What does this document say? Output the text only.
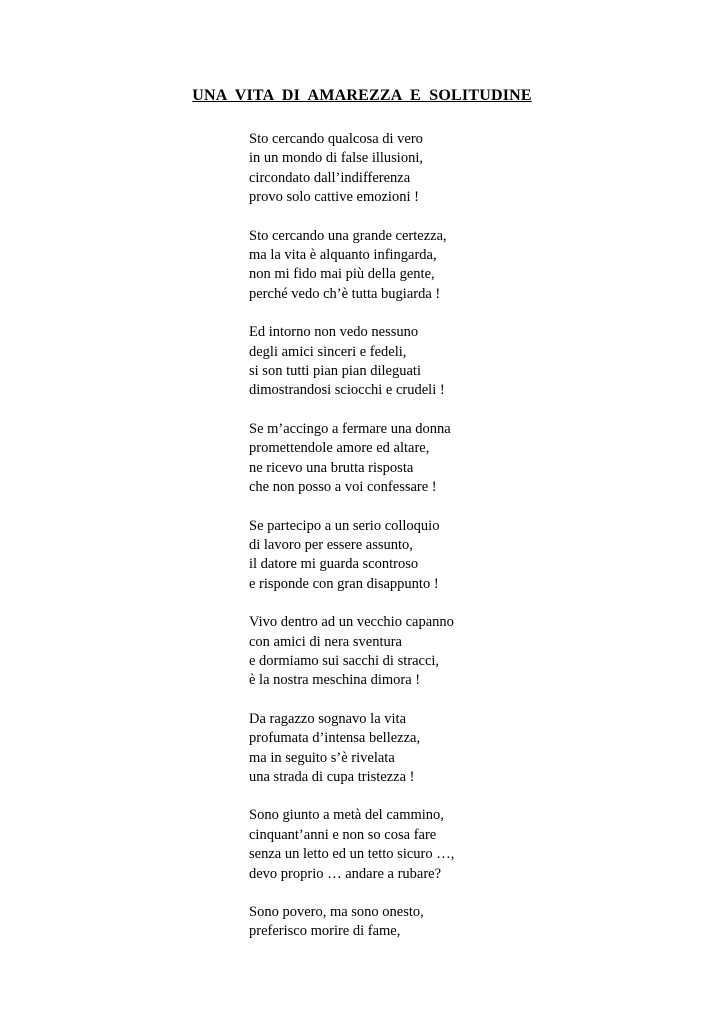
UNA  VITA  DI  AMAREZZA  E  SOLITUDINE
Sto cercando qualcosa di vero
in un mondo di false illusioni,
circondato dall’indifferenza
provo solo cattive emozioni !
Sto cercando una grande certezza,
ma la vita è alquanto infingarda,
non mi fido mai più della gente,
perché vedo ch’è tutta bugiarda !
Ed intorno non vedo nessuno
degli amici sinceri e fedeli,
si son tutti pian pian dileguati
dimostrandosi sciocchi e crudeli !
Se m’accingo a fermare una donna
promettendole amore ed altare,
ne ricevo una brutta risposta
che non posso a voi confessare !
Se partecipo a un serio colloquio
di lavoro per essere assunto,
il datore mi guarda scontroso
e risponde con gran disappunto !
Vivo dentro ad un vecchio capanno
con amici di nera sventura
e dormiamo sui sacchi di stracci,
è la nostra meschina dimora !
Da ragazzo sognavo la vita
profumata d’intensa bellezza,
ma in seguito s’è rivelata
una strada di cupa tristezza !
Sono giunto a metà del cammino,
cinquant’anni e non so cosa fare
senza un letto ed un tetto sicuro …,
devo proprio … andare a rubare?
Sono povero, ma sono onesto,
preferisco morire di fame,
